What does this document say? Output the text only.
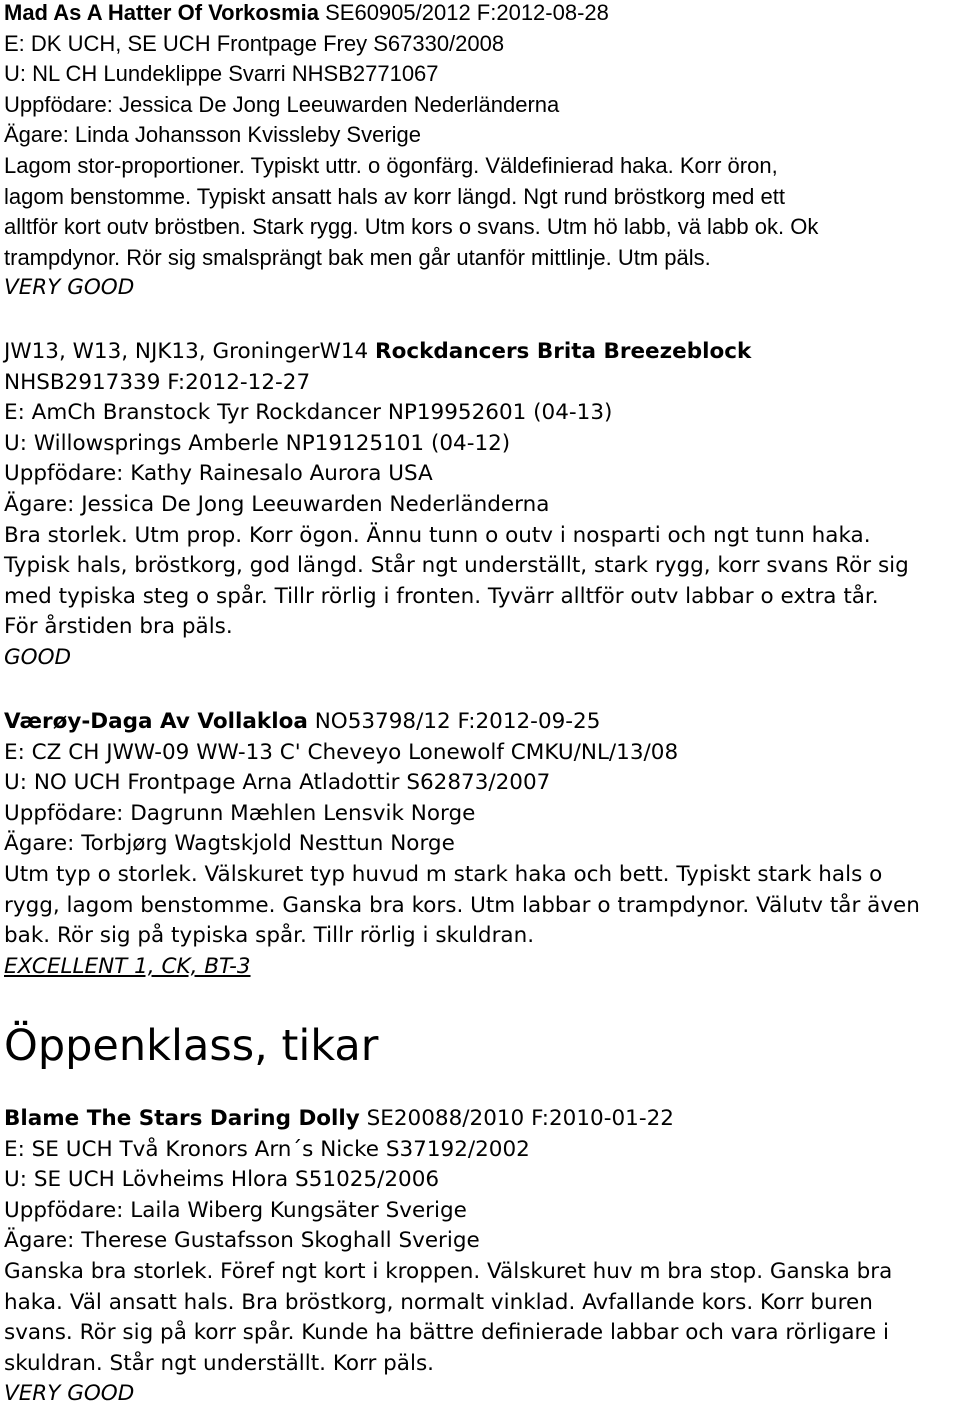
Mad As A Hatter Of Vorkosmia SE60905/2012 F:2012-08-28
E: DK UCH, SE UCH Frontpage Frey S67330/2008
U: NL CH Lundeklippe Svarri NHSB2771067
Uppfödare: Jessica De Jong Leeuwarden Nederländerna
Ägare: Linda Johansson Kvissleby Sverige
Lagom stor-proportioner. Typiskt uttr. o ögonfärg. Väldefinierad haka. Korr öron,
lagom benstomme. Typiskt ansatt hals av korr längd. Ngt rund bröstkorg med ett
alltför kort outv bröstben. Stark rygg. Utm kors o svans. Utm hö labb, vä labb ok. Ok
trampdynor. Rör sig smalsprängt bak men går utanför mittlinje. Utm päls.
VERY GOOD
JW13, W13, NJK13, GroningerW14 Rockdancers Brita Breezeblock
NHSB2917339 F:2012-12-27
E: AmCh Branstock Tyr Rockdancer NP19952601 (04-13)
U: Willowsprings Amberle NP19125101 (04-12)
Uppfödare: Kathy Rainesalo Aurora USA
Ägare: Jessica De Jong Leeuwarden Nederländerna
Bra storlek. Utm prop. Korr ögon. Ännu tunn o outv i nosparti och ngt tunn haka.
Typisk hals, bröstkorg, god längd. Står ngt underställt, stark rygg, korr svans Rör sig
med typiska steg o spår. Tillr rörlig i fronten. Tyvärr alltför outv labbar o extra tår.
För årstiden bra päls.
GOOD
Værøy-Daga Av Vollakloa NO53798/12 F:2012-09-25
E: CZ CH JWW-09 WW-13 C' Cheveyo Lonewolf CMKU/NL/13/08
U: NO UCH Frontpage Arna Atladottir S62873/2007
Uppfödare: Dagrunn Mæhlen Lensvik Norge
Ägare: Torbjørg Wagtskjold Nesttun Norge
Utm typ o storlek. Välskuret typ huvud m stark haka och bett. Typiskt stark hals o
rygg, lagom benstomme. Ganska bra kors. Utm labbar o trampdynor. Välutv tår även
bak. Rör sig på typiska spår. Tillr rörlig i skuldran.
EXCELLENT 1, CK, BT-3
Öppenklass, tikar
Blame The Stars Daring Dolly SE20088/2010 F:2010-01-22
E: SE UCH Två Kronors Arn´s Nicke S37192/2002
U: SE UCH Lövheims Hlora S51025/2006
Uppfödare: Laila Wiberg Kungsäter Sverige
Ägare: Therese Gustafsson Skoghall Sverige
Ganska bra storlek. Föref ngt kort i kroppen. Välskuret huv m bra stop. Ganska bra
haka. Väl ansatt hals. Bra bröstkorg, normalt vinklad. Avfallande kors. Korr buren
svans. Rör sig på korr spår. Kunde ha bättre definierade labbar och vara rörligare i
skuldran. Står ngt underställt. Korr päls.
VERY GOOD
